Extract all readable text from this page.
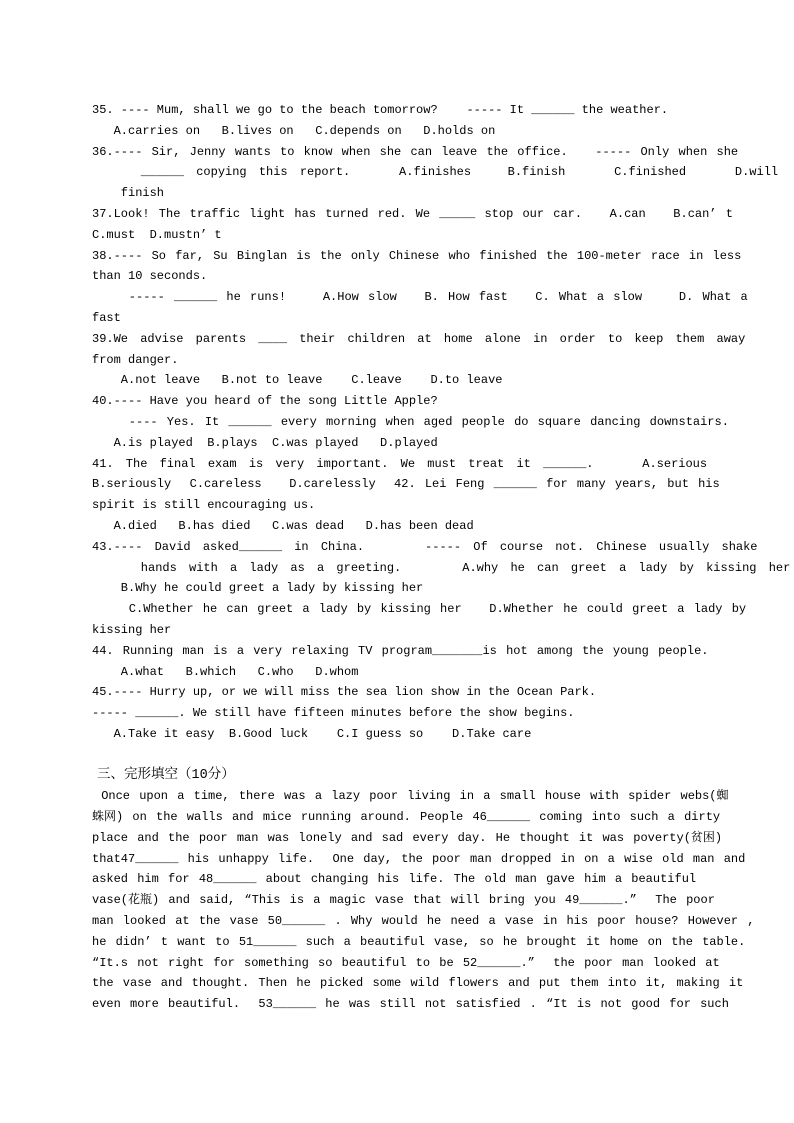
35. ---- Mum, shall we go to the beach tomorrow?    ----- It ______ the weather.
A.carries on   B.lives on   C.depends on   D.holds on
36.---- Sir, Jenny wants to know when she can leave the office.   ----- Only when she
______ copying this report.    A.finishes   B.finish    C.finished    D.will
finish
37.Look! The traffic light has turned red. We _____ stop our car.   A.can   B.can’ t
C.must  D.mustn’ t
38.---- So far, Su Binglan is the only Chinese who finished the 100-meter race in less
than 10 seconds.
----- ______ he runs!    A.How slow   B. How fast   C. What a slow    D. What a
fast
39.We advise parents ____ their children at home alone in order to keep them away
from danger.
A.not leave   B.not to leave    C.leave    D.to leave
40.---- Have you heard of the song Little Apple?
---- Yes. It ______ every morning when aged people do square dancing downstairs.
A.is played  B.plays  C.was played   D.played
41. The final exam is very important. We must treat it ______.    A.serious
B.seriously  C.careless   D.carelessly  42. Lei Feng ______ for many years, but his
spirit is still encouraging us.
A.died   B.has died   C.was dead   D.has been dead
43.---- David asked______ in China.     ----- Of course not. Chinese usually shake
hands with a lady as a greeting.     A.why he can greet a lady by kissing her
B.Why he could greet a lady by kissing her
C.Whether he can greet a lady by kissing her   D.Whether he could greet a lady by
kissing her
44. Running man is a very relaxing TV program_______is hot among the young people.
A.what   B.which   C.who   D.whom
45.---- Hurry up, or we will miss the sea lion show in the Ocean Park.
----- ______. We still have fifteen minutes before the show begins.
A.Take it easy  B.Good luck    C.I guess so    D.Take care
三、完形填空（10分）
Once upon a time, there was a lazy poor living in a small house with spider webs(蜘
蛛网) on the walls and mice running around. People 46______ coming into such a dirty
place and the poor man was lonely and sad every day. He thought it was poverty(贫困)
that47______ his unhappy life.  One day, the poor man dropped in on a wise old man and
asked him for 48______ about changing his life. The old man gave him a beautiful
vase(花瓶) and said, “This is a magic vase that will bring you 49______.”  The poor
man looked at the vase 50______ . Why would he need a vase in his poor house? However ,
he didn’ t want to 51______ such a beautiful vase, so he brought it home on the table.
“It.s not right for something so beautiful to be 52______.”  the poor man looked at
the vase and thought. Then he picked some wild flowers and put them into it, making it
even more beautiful.  53______ he was still not satisfied . “It is not good for such
